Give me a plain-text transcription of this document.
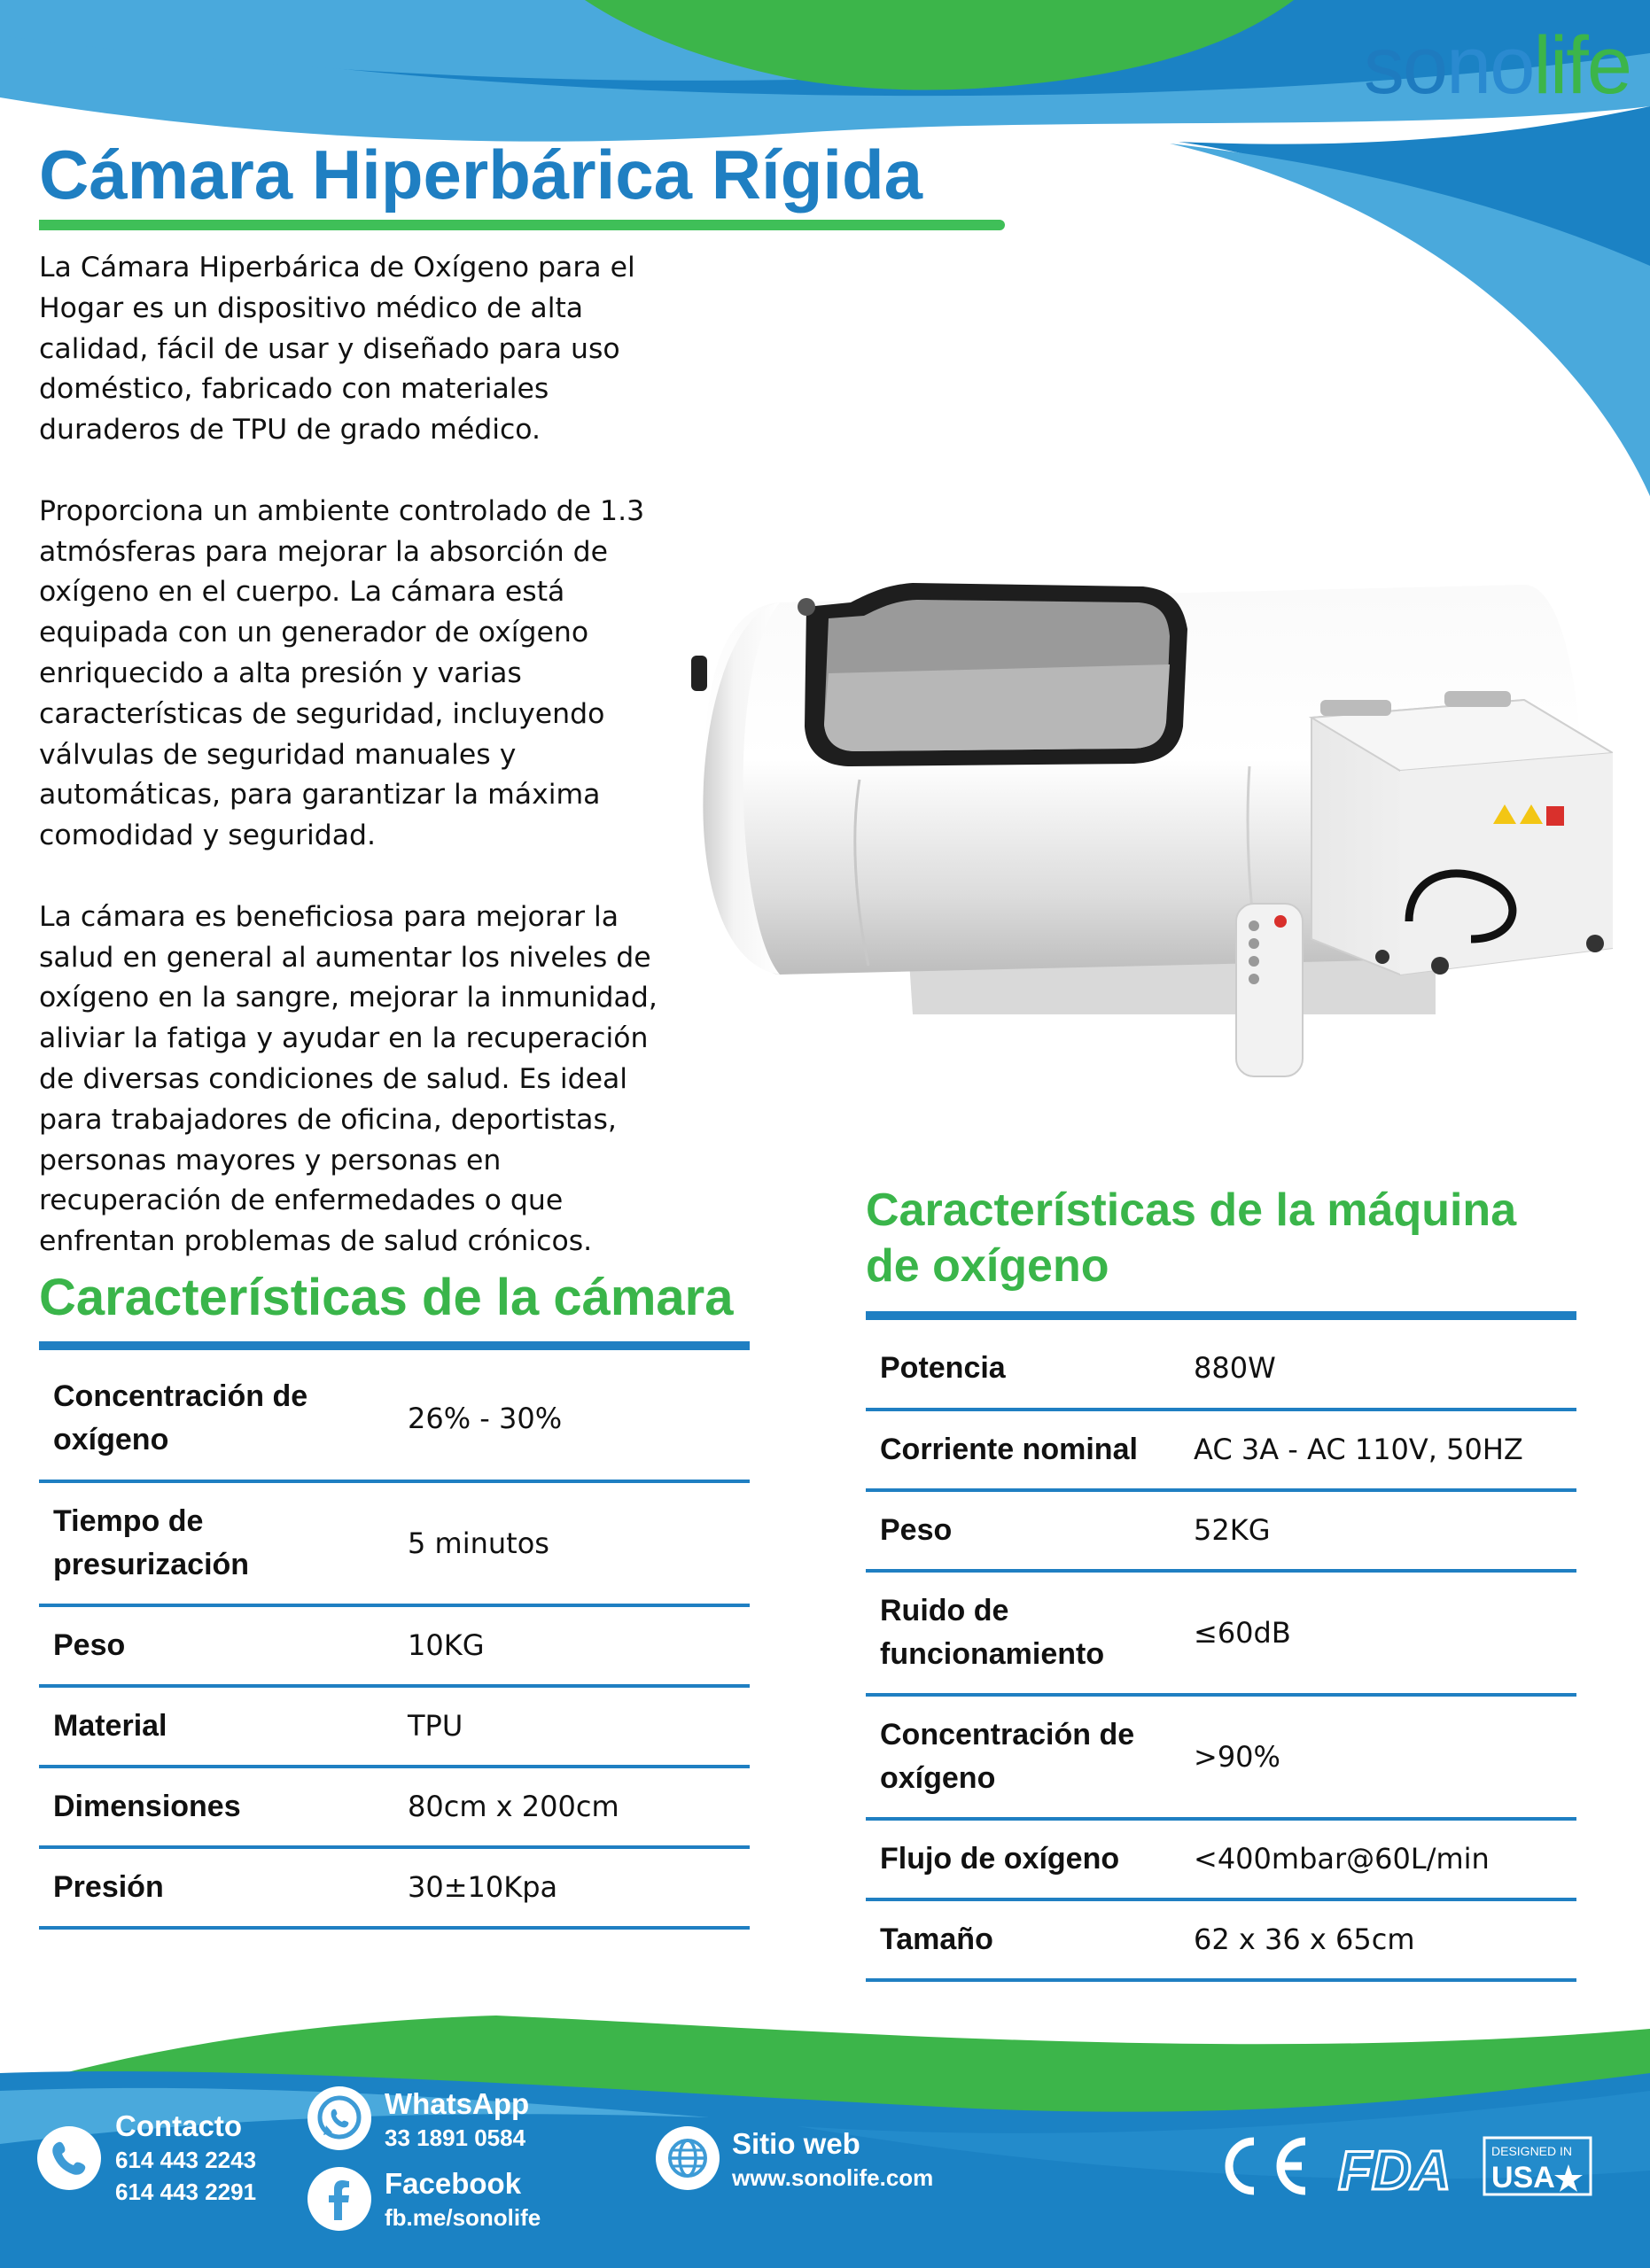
sonolife
Cámara Hiperbárica Rígida

La Cámara Hiperbárica de Oxígeno para el Hogar es un dispositivo médico de alta calidad, fácil de usar y diseñado para uso doméstico, fabricado con materiales duraderos de TPU de grado médico.

Proporciona un ambiente controlado de 1.3 atmósferas para mejorar la absorción de oxígeno en el cuerpo. La cámara está equipada con un generador de oxígeno enriquecido a alta presión y varias características de seguridad, incluyendo válvulas de seguridad manuales y automáticas, para garantizar la máxima comodidad y seguridad.

La cámara es beneficiosa para mejorar la salud en general al aumentar los niveles de oxígeno en la sangre, mejorar la inmunidad, aliviar la fatiga y ayudar en la recuperación de diversas condiciones de salud. Es ideal para trabajadores de oficina, deportistas, personas mayores y personas en recuperación de enfermedades o que enfrentan problemas de salud crónicos.

Características de la cámara
Concentración de oxígeno	26% - 30%
Tiempo de presurización	5 minutos
Peso	10KG
Material	TPU
Dimensiones	80cm x 200cm
Presión	30±10Kpa
Características de la máquina de oxígeno
Potencia	880W
Corriente nominal	AC 3A - AC 110V, 50HZ
Peso	52KG
Ruido de funcionamiento	≤60dB
Concentración de oxígeno	>90%
Flujo de oxígeno	<400mbar@60L/min
Tamaño	62 x 36 x 65cm
Contacto
614 443 2243
614 443 2291
WhatsApp
33 1891 0584
Facebook
fb.me/sonolife
Sitio web
www.sonolife.com	FDA	DESIGNED IN
USA
